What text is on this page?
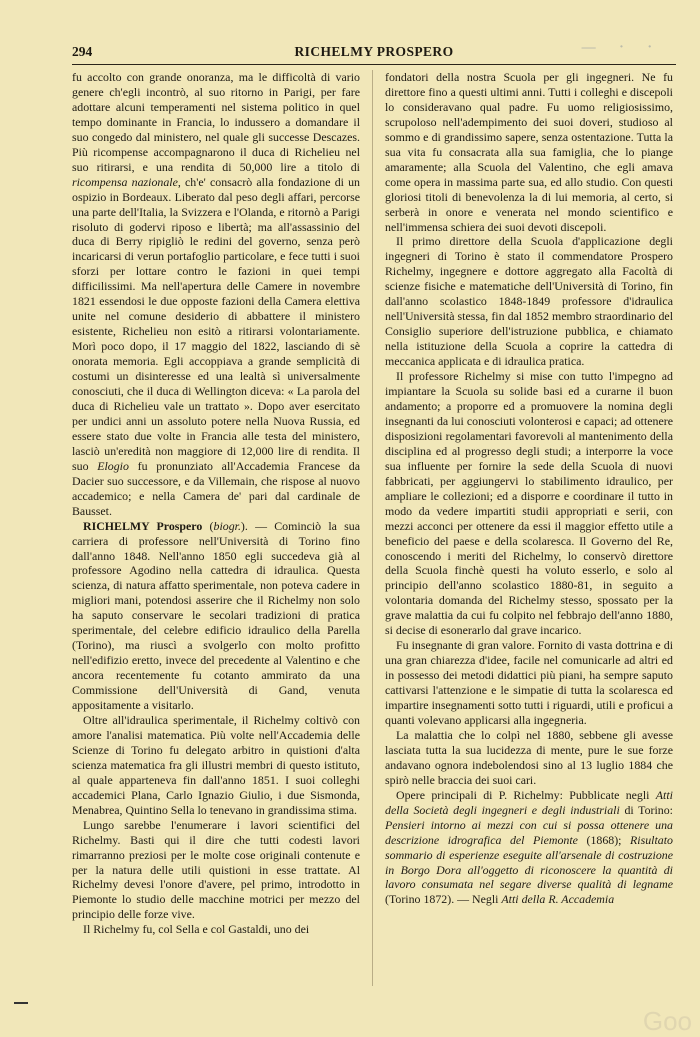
294	RICHELMY PROSPERO	— · ·

fu accolto con grande onoranza, ma le difficoltà di vario genere ch'egli incontrò, al suo ritorno in Parigi, per fare adottare alcuni temperamenti nel sistema politico in quel tempo dominante in Francia, lo indussero a domandare il suo congedo dal ministero, nel quale gli successe Descazes. Più ricompense accompagnarono il duca di Richelieu nel suo ritirarsi, e una rendita di 50,000 lire a titolo di ricompensa nazionale, ch'e' consacrò alla fondazione di un ospizio in Bordeaux. Liberato dal peso degli affari, percorse una parte dell'Italia, la Svizzera e l'Olanda, e ritornò a Parigi risoluto di godervi riposo e libertà; ma all'assassinio del duca di Berry ripigliò le redini del governo, senza però incaricarsi di verun portafoglio particolare, e fece tutti i suoi sforzi per lottare contro le fazioni in quei tempi difficilissimi. Ma nell'apertura delle Camere in novembre 1821 essendosi le due opposte fazioni della Camera elettiva unite nel comune desiderio di abbattere il ministero esistente, Richelieu non esitò a ritirarsi volontariamente. Morì poco dopo, il 17 maggio del 1822, lasciando di sè onorata memoria. Egli accoppiava a grande semplicità di costumi un disinteresse ed una lealtà sì universalmente conosciuti, che il duca di Wellington diceva: « La parola del duca di Richelieu vale un trattato ». Dopo aver esercitato per undici anni un assoluto potere nella Nuova Russia, ed essere stato due volte in Francia alle testa del ministero, lasciò un'eredità non maggiore di 12,000 lire di rendita. Il suo Elogio fu pronunziato all'Accademia Francese da Dacier suo successore, e da Villemain, che rispose al nuovo accademico; e nella Camera de' pari dal cardinale de Bausset.

RICHELMY Prospero (biogr.). — Cominciò la sua carriera di professore nell'Università di Torino fino dall'anno 1848. Nell'anno 1850 egli succedeva già al professore Agodino nella cattedra di idraulica. Questa scienza, di natura affatto sperimentale, non poteva cadere in migliori mani, potendosi asserire che il Richelmy non solo ha saputo conservare le secolari tradizioni di pratica sperimentale, del celebre edificio idraulico della Parella (Torino), ma riuscì a svolgerlo con molto profitto nell'edifizio eretto, invece del precedente al Valentino e che ancora recentemente fu cotanto ammirato da una Commissione dell'Università di Gand, venuta appositamente a visitarlo.

Oltre all'idraulica sperimentale, il Richelmy coltivò con amore l'analisi matematica. Più volte nell'Accademia delle Scienze di Torino fu delegato arbitro in quistioni d'alta scienza matematica fra gli illustri membri di questo istituto, al quale apparteneva fin dall'anno 1851. I suoi colleghi accademici Plana, Carlo Ignazio Giulio, i due Sismonda, Menabrea, Quintino Sella lo tenevano in grandissima stima.

Lungo sarebbe l'enumerare i lavori scientifici del Richelmy. Basti qui il dire che tutti codesti lavori rimarranno preziosi per le molte cose originali contenute e per la natura delle utili quistioni in esse trattate. Al Richelmy devesi l'onore d'avere, pel primo, introdotto in Piemonte lo studio delle macchine motrici per mezzo del principio delle forze vive.

Il Richelmy fu, col Sella e col Gastaldi, uno dei

fondatori della nostra Scuola per gli ingegneri. Ne fu direttore fino a questi ultimi anni. Tutti i colleghi e discepoli lo consideravano qual padre. Fu uomo religiosissimo, scrupoloso nell'adempimento dei suoi doveri, studioso al sommo e di grandissimo sapere, senza ostentazione. Tutta la sua vita fu consacrata alla sua famiglia, che lo piange amaramente; alla Scuola del Valentino, che egli amava come opera in massima parte sua, ed allo studio. Con questi gloriosi titoli di benevolenza la di lui memoria, al certo, si serberà in onore e venerata nel mondo scientifico e nell'immensa schiera dei suoi devoti discepoli.

Il primo direttore della Scuola d'applicazione degli ingegneri di Torino è stato il commendatore Prospero Richelmy, ingegnere e dottore aggregato alla Facoltà di scienze fisiche e matematiche dell'Università di Torino, fin dall'anno scolastico 1848-1849 professore d'idraulica nell'Università stessa, fin dal 1852 membro straordinario del Consiglio superiore dell'istruzione pubblica, e chiamato nella istituzione della Scuola a coprire la cattedra di meccanica applicata e di idraulica pratica.

Il professore Richelmy si mise con tutto l'impegno ad impiantare la Scuola su solide basi ed a curarne il buon andamento; a proporre ed a promuovere la nomina degli insegnanti da lui conosciuti volonterosi e capaci; ad ottenere disposizioni regolamentari favorevoli al mantenimento della disciplina ed al progresso degli studi; a interporre la voce sua influente per fornire la sede della Scuola di nuovi fabbricati, per aggiungervi lo stabilimento idraulico, per ampliare le collezioni; ed a disporre e coordinare il tutto in modo da vedere impartiti studii appropriati e serii, con mezzi acconci per ottenere da essi il maggior effetto utile a beneficio del paese e della scolaresca. Il Governo del Re, conoscendo i meriti del Richelmy, lo conservò direttore della Scuola finchè questi ha voluto esserlo, e solo al principio dell'anno scolastico 1880-81, in seguito a volontaria domanda del Richelmy stesso, spossato per la grave malattia da cui fu colpito nel febbrajo dell'anno 1880, si decise di esonerarlo dal grave incarico.

Fu insegnante di gran valore. Fornito di vasta dottrina e di una gran chiarezza d'idee, facile nel comunicarle ad altri ed in possesso dei metodi didattici più piani, ha sempre saputo cattivarsi l'attenzione e le simpatie di tutta la scolaresca ed impartire insegnamenti sotto tutti i riguardi, utili e proficui a quanti volevano applicarsi alla ingegneria.

La malattia che lo colpì nel 1880, sebbene gli avesse lasciata tutta la sua lucidezza di mente, pure le sue forze andavano ognora indebolendosi sino al 13 luglio 1884 che spirò nelle braccia dei suoi cari.

Opere principali di P. Richelmy: Pubblicate negli Atti della Società degli ingegneri e degli industriali di Torino: Pensieri intorno ai mezzi con cui si possa ottenere una descrizione idrografica del Piemonte (1868); Risultato sommario di esperienze eseguite all'arsenale di costruzione in Borgo Dora all'oggetto di riconoscere la quantità di lavoro consumata nel segare diverse qualità di legname (Torino 1872). — Negli Atti della R. Accademia

Goo
